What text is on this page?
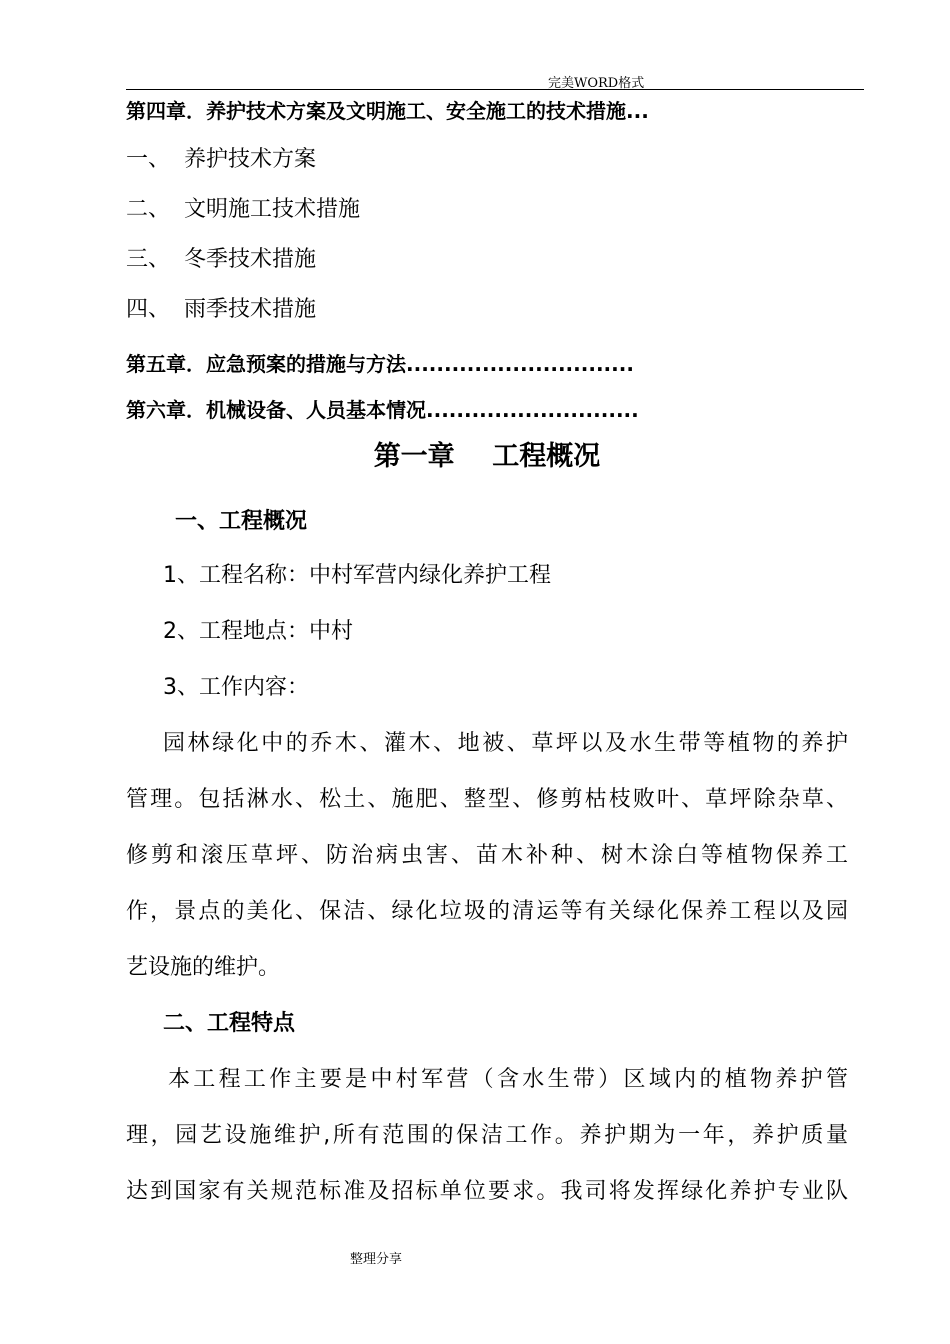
完美WORD格式
第四章．养护技术方案及文明施工、安全施工的技术措施...
一、 养护技术方案
二、 文明施工技术措施
三、 冬季技术措施
四、 雨季技术措施
第五章．应急预案的措施与方法..............................
第六章．机械设备、人员基本情况............................
第一章    工程概况
一、工程概况
1、工程名称：中村军营内绿化养护工程
2、工程地点：中村
3、工作内容：
园林绿化中的乔木、灌木、地被、草坪以及水生带等植物的养护
管理。包括淋水、松土、施肥、整型、修剪枯枝败叶、草坪除杂草、
修剪和滚压草坪、防治病虫害、苗木补种、树木涂白等植物保养工
作，景点的美化、保洁、绿化垃圾的清运等有关绿化保养工程以及园
艺设施的维护。
二、工程特点
本工程工作主要是中村军营（含水生带）区域内的植物养护管
理，园艺设施维护,所有范围的保洁工作。养护期为一年，养护质量
达到国家有关规范标准及招标单位要求。我司将发挥绿化养护专业队
整理分享
